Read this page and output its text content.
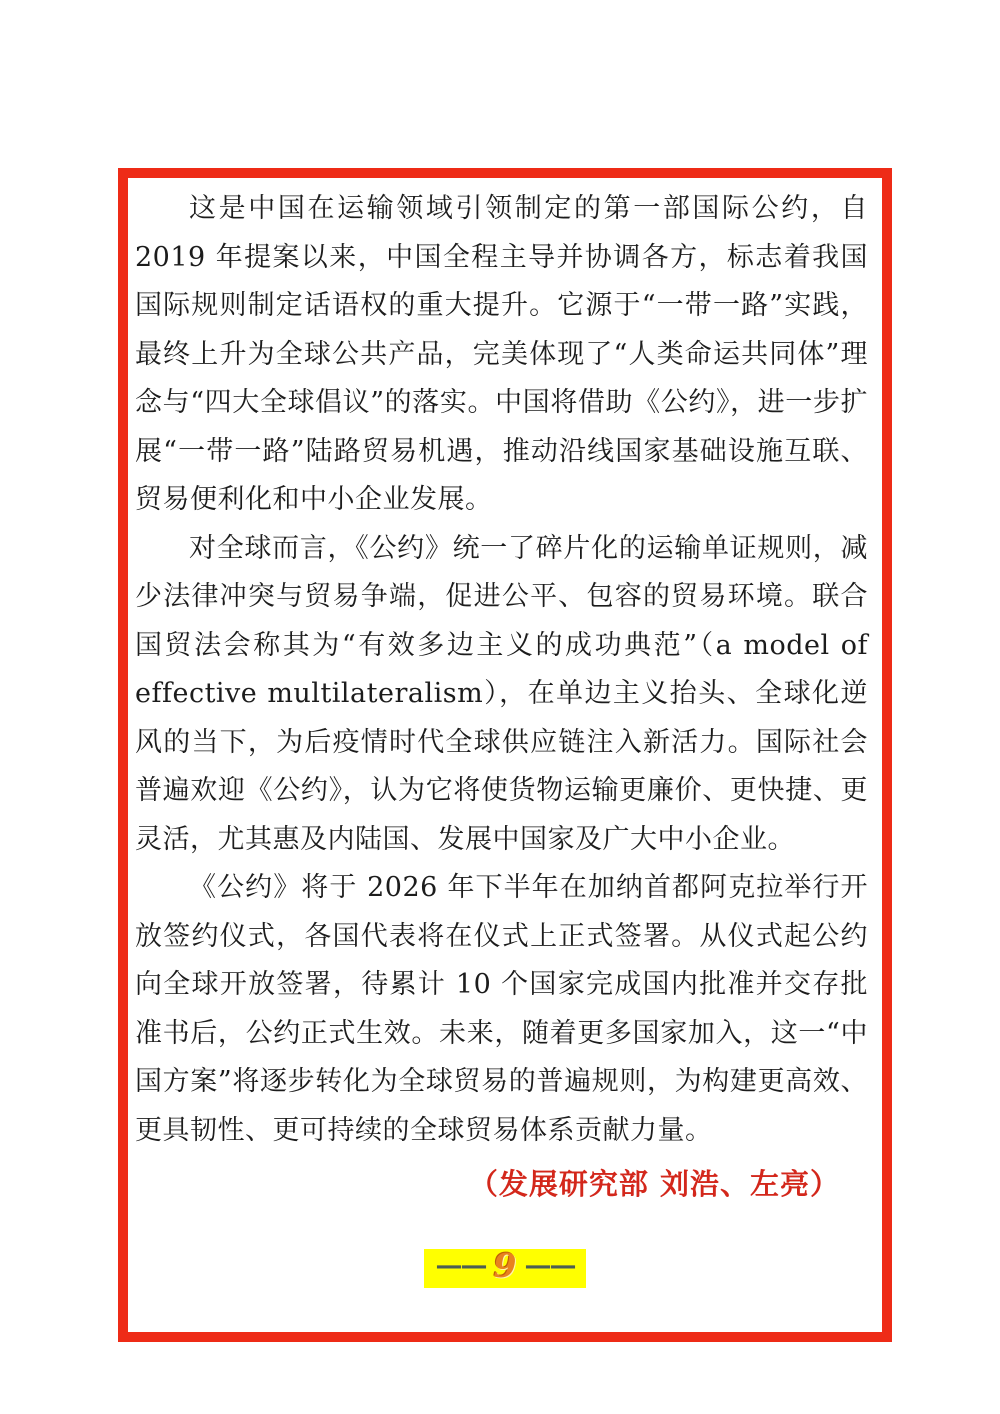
这是中国在运输领域引领制定的第一部国际公约，自 2019 年提案以来，中国全程主导并协调各方，标志着我国国际规则制定话语权的重大提升。它源于“一带一路”实践，最终上升为全球公共产品，完美体现了“人类命运共同体”理念与“四大全球倡议”的落实。中国将借助《公约》，进一步扩展“一带一路”陆路贸易机遇，推动沿线国家基础设施互联、贸易便利化和中小企业发展。

对全球而言，《公约》统一了碎片化的运输单证规则，减少法律冲突与贸易争端，促进公平、包容的贸易环境。联合国贸法会称其为“有效多边主义的成功典范”（a model of effective multilateralism），在单边主义抬头、全球化逆风的当下，为后疫情时代全球供应链注入新活力。国际社会普遍欢迎《公约》，认为它将使货物运输更廉价、更快捷、更灵活，尤其惠及内陆国、发展中国家及广大中小企业。

《公约》将于 2026 年下半年在加纳首都阿克拉举行开放签约仪式，各国代表将在仪式上正式签署。从仪式起公约向全球开放签署，待累计 10 个国家完成国内批准并交存批准书后，公约正式生效。未来，随着更多国家加入，这一“中国方案”将逐步转化为全球贸易的普遍规则，为构建更高效、更具韧性、更可持续的全球贸易体系贡献力量。

（发展研究部 刘浩、左亮）
—— 9 ——
